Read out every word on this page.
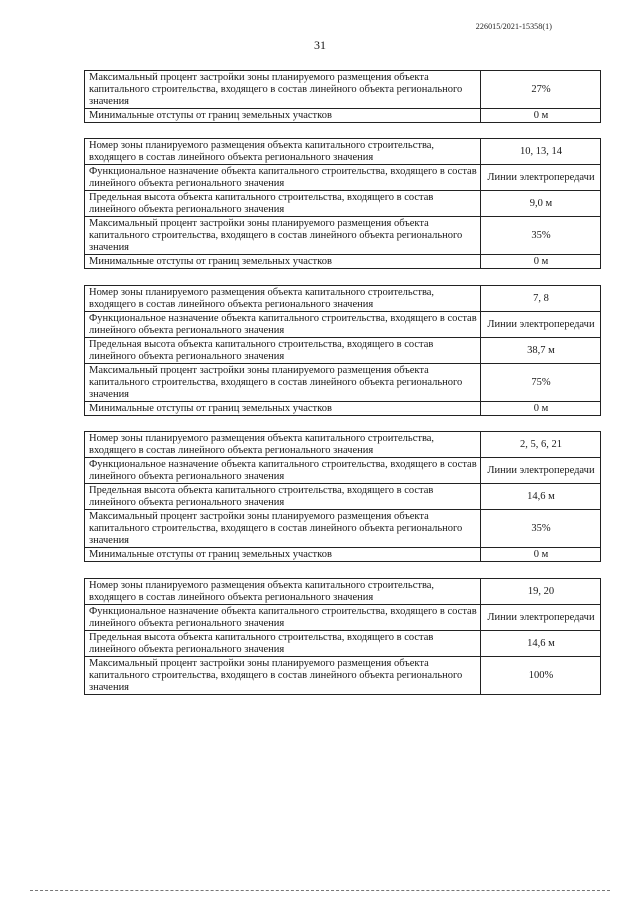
226015/2021-15358(1)
31
Максимальный процент застройки зоны планируемого размещения объекта капитального строительства, входящего в состав линейного объекта регионального значения	27%
Минимальные отступы от границ земельных участков	0 м
Номер зоны планируемого размещения объекта капитального строительства, входящего в состав линейного объекта регионального значения	10, 13, 14
Функциональное назначение объекта капитального строительства, входящего в состав линейного объекта регионального значения	Линии электропередачи
Предельная высота объекта капитального строительства, входящего в состав линейного объекта регионального значения	9,0 м
Максимальный процент застройки зоны планируемого размещения объекта капитального строительства, входящего в состав линейного объекта регионального значения	35%
Минимальные отступы от границ земельных участков	0 м
Номер зоны планируемого размещения объекта капитального строительства, входящего в состав линейного объекта регионального значения	7, 8
Функциональное назначение объекта капитального строительства, входящего в состав линейного объекта регионального значения	Линии электропередачи
Предельная высота объекта капитального строительства, входящего в состав линейного объекта регионального значения	38,7 м
Максимальный процент застройки зоны планируемого размещения объекта капитального строительства, входящего в состав линейного объекта регионального значения	75%
Минимальные отступы от границ земельных участков	0 м
Номер зоны планируемого размещения объекта капитального строительства, входящего в состав линейного объекта регионального значения	2, 5, 6, 21
Функциональное назначение объекта капитального строительства, входящего в состав линейного объекта регионального значения	Линии электропередачи
Предельная высота объекта капитального строительства, входящего в состав линейного объекта регионального значения	14,6 м
Максимальный процент застройки зоны планируемого размещения объекта капитального строительства, входящего в состав линейного объекта регионального значения	35%
Минимальные отступы от границ земельных участков	0 м
Номер зоны планируемого размещения объекта капитального строительства, входящего в состав линейного объекта регионального значения	19, 20
Функциональное назначение объекта капитального строительства, входящего в состав линейного объекта регионального значения	Линии электропередачи
Предельная высота объекта капитального строительства, входящего в состав линейного объекта регионального значения	14,6 м
Максимальный процент застройки зоны планируемого размещения объекта капитального строительства, входящего в состав линейного объекта регионального значения	100%
